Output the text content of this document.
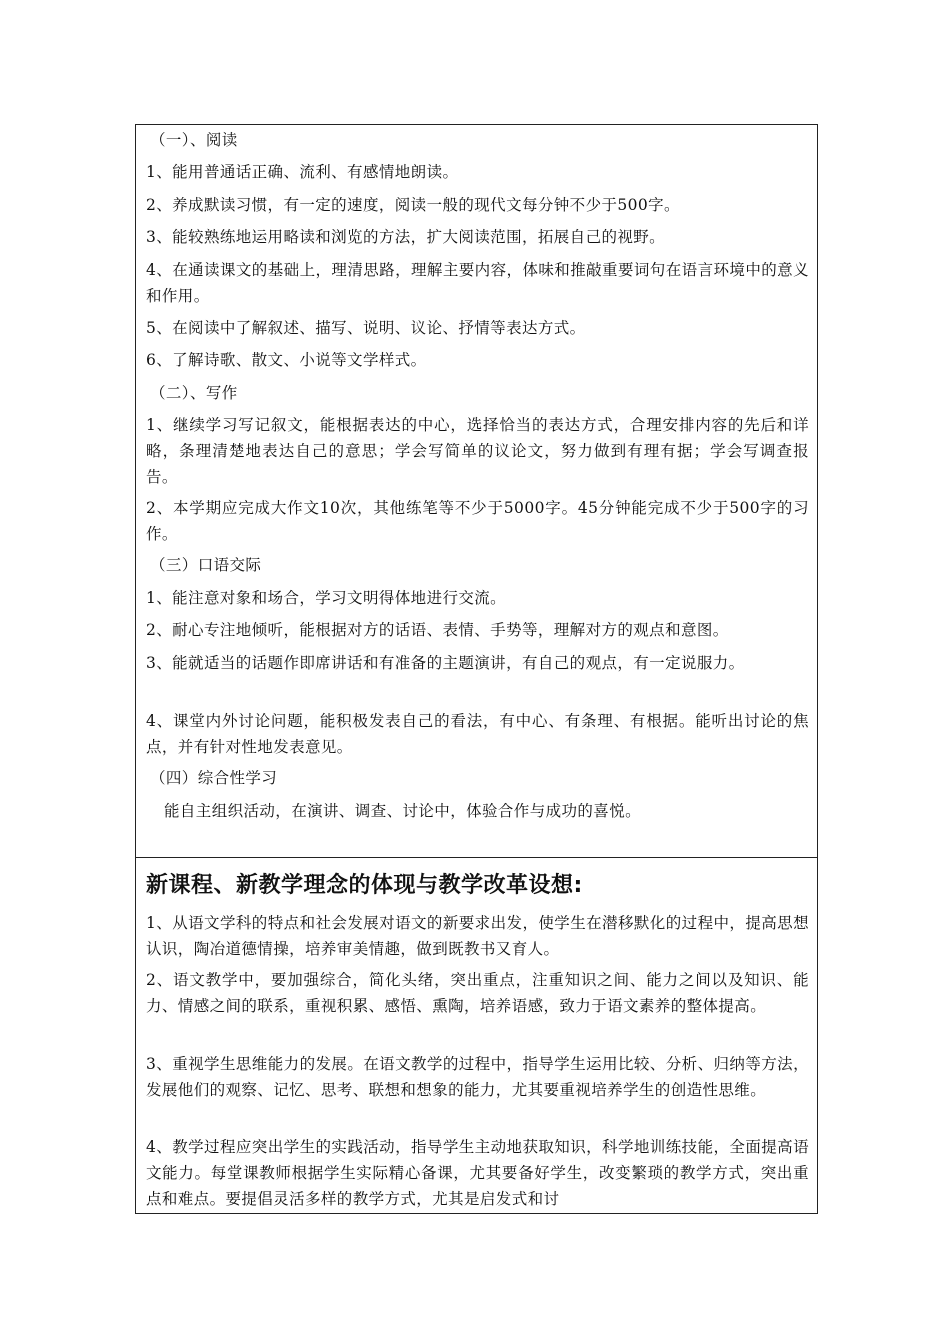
（一）、阅读

1、能用普通话正确、流利、有感情地朗读。

2、养成默读习惯，有一定的速度，阅读一般的现代文每分钟不少于500字。

3、能较熟练地运用略读和浏览的方法，扩大阅读范围，拓展自己的视野。

4、在通读课文的基础上，理清思路，理解主要内容，体味和推敲重要词句在语言环境中的意义和作用。

5、在阅读中了解叙述、描写、说明、议论、抒情等表达方式。

6、了解诗歌、散文、小说等文学样式。

（二）、写作

1、继续学习写记叙文，能根据表达的中心，选择恰当的表达方式，合理安排内容的先后和详略，条理清楚地表达自己的意思；学会写简单的议论文，努力做到有理有据；学会写调查报告。

2、本学期应完成大作文10次，其他练笔等不少于5000字。45分钟能完成不少于500字的习作。

（三）口语交际

1、能注意对象和场合，学习文明得体地进行交流。

2、耐心专注地倾听，能根据对方的话语、表情、手势等，理解对方的观点和意图。

3、能就适当的话题作即席讲话和有准备的主题演讲，有自己的观点，有一定说服力。

4、课堂内外讨论问题，能积极发表自己的看法，有中心、有条理、有根据。能听出讨论的焦点，并有针对性地发表意见。

（四）综合性学习

能自主组织活动，在演讲、调查、讨论中，体验合作与成功的喜悦。

新课程、新教学理念的体现与教学改革设想:

1、从语文学科的特点和社会发展对语文的新要求出发，使学生在潜移默化的过程中，提高思想认识，陶冶道德情操，培养审美情趣，做到既教书又育人。

2、语文教学中，要加强综合，简化头绪，突出重点，注重知识之间、能力之间以及知识、能力、情感之间的联系，重视积累、感悟、熏陶，培养语感，致力于语文素养的整体提高。

3、重视学生思维能力的发展。在语文教学的过程中，指导学生运用比较、分析、归纳等方法，发展他们的观察、记忆、思考、联想和想象的能力，尤其要重视培养学生的创造性思维。

4、教学过程应突出学生的实践活动，指导学生主动地获取知识，科学地训练技能，全面提高语文能力。每堂课教师根据学生实际精心备课，尤其要备好学生，改变繁琐的教学方式，突出重点和难点。要提倡灵活多样的教学方式，尤其是启发式和讨
